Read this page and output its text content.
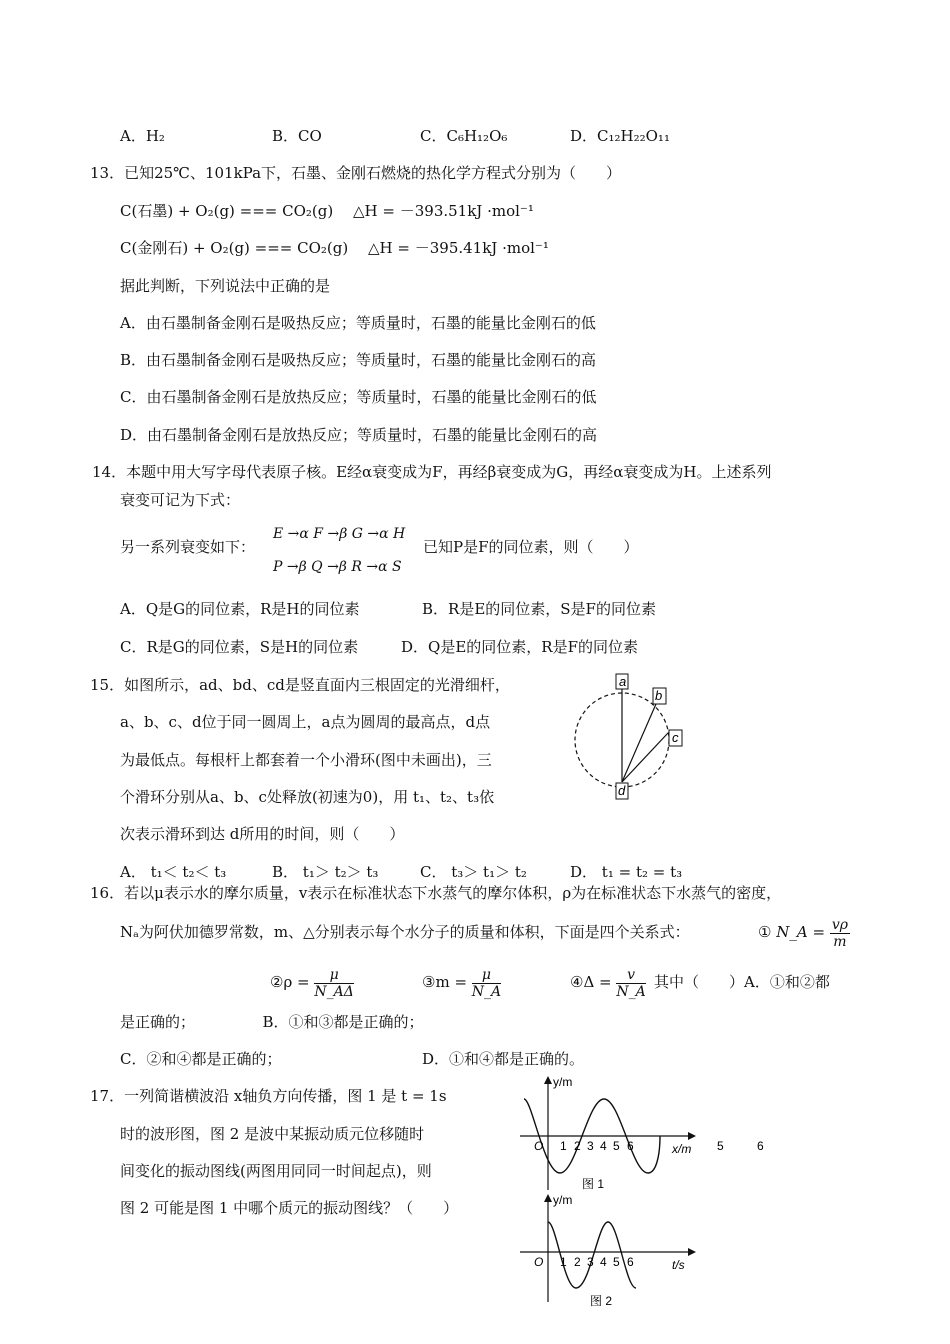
A．H₂	B．CO	C．C₆H₁₂O₆	D．C₁₂H₂₂O₁₁
13．已知25℃、101kPa下，石墨、金刚石燃烧的热化学方程式分别为（　　）
C(石墨) + O₂(g) === CO₂(g)　 △H = －393.51kJ ·mol⁻¹
C(金刚石) + O₂(g) === CO₂(g)　 △H = －395.41kJ ·mol⁻¹
据此判断，下列说法中正确的是
A．由石墨制备金刚石是吸热反应；等质量时，石墨的能量比金刚石的低
B．由石墨制备金刚石是吸热反应；等质量时，石墨的能量比金刚石的高
C．由石墨制备金刚石是放热反应；等质量时，石墨的能量比金刚石的低
D．由石墨制备金刚石是放热反应；等质量时，石墨的能量比金刚石的高
14．本题中用大写字母代表原子核。E经α衰变成为F，再经β衰变成为G，再经α衰变成为H。上述系列
衰变可记为下式：
另一系列衰变如下：
E →α F →β G →α H
P →β Q →β R →α S
已知P是F的同位素，则（　　）
A．Q是G的同位素，R是H的同位素	B．R是E的同位素，S是F的同位素
C．R是G的同位素，S是H的同位素	D．Q是E的同位素，R是F的同位素
15．如图所示，ad、bd、cd是竖直面内三根固定的光滑细杆，
a、b、c、d位于同一圆周上，a点为圆周的最高点，d点
为最低点。每根杆上都套着一个小滑环(图中未画出)，三
个滑环分别从a、b、c处释放(初速为0)，用 t₁、t₂、t₃依
次表示滑环到达 d所用的时间，则（　　）
A． t₁＜ t₂＜ t₃	B． t₁＞ t₂＞ t₃	C． t₃＞ t₁＞ t₂	D． t₁ = t₂ = t₃
a
b
c
d
16．若以μ表示水的摩尔质量，v表示在标准状态下水蒸气的摩尔体积，ρ为在标准状态下水蒸气的密度，
Nₐ为阿伏加德罗常数，m、△分别表示每个水分子的质量和体积，下面是四个关系式：	① N_A = $\frac{v\rho}{m}$
②ρ = $\frac{\mu}{N\_A\Delta}$	③m = $\frac{\mu}{N\_A}$	④Δ = $\frac{v}{N\_A}$ 其中（　　）A．①和②都
是正确的；　　　　　B．①和③都是正确的；
C．②和④都是正确的；	D．①和④都是正确的。
17．一列简谐横波沿 x轴负方向传播，图 1 是 t = 1s
时的波形图，图 2 是波中某振动质元位移随时
间变化的振动图线(两图用同同一时间起点)，则
图 2 可能是图 1 中哪个质元的振动图线？（　　）
y/m
x/m
O 1 2 3 4 5 6	5	6
图 1
y/m
t/s
O 1 2 3 4 5 6
图 2
